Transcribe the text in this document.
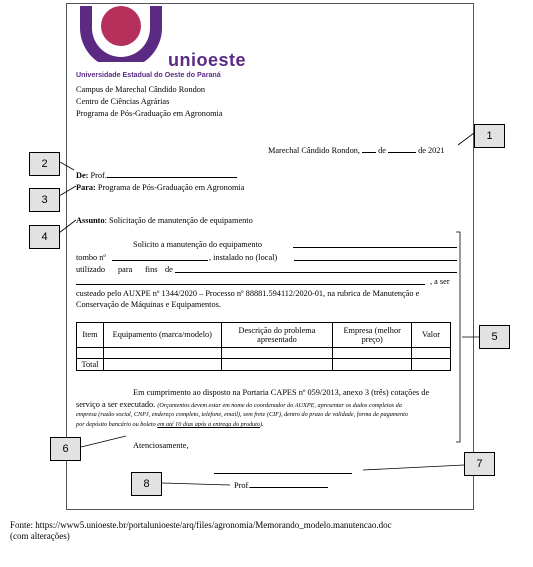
unioeste
Universidade Estadual do Oeste do Paraná
Campus de Marechal Cândido Rondon
Centro de Ciências Agrárias
Programa de Pós-Graduação em Agronomia
Marechal Cândido Rondon,  de	de 2021
De: Prof.
Para: Programa de Pós-Graduação em Agronomia
Assunto: Solicitação de manutenção de equipamento
Solicito a manutenção do equipamento
tombo nº	, instalado no (local)
utilizado para fins de
, a ser
custeado pelo AUXPE nº 1344/2020 – Processo nº 88881.594112/2020-01, na rubrica de Manutenção e
Conservação de Máquinas e Equipamentos.
Item	Equipamento (marca/modelo)	Descrição do problema apresentado	Empresa (melhor preço)	Valor

Total				
Em cumprimento ao disposto na Portaria CAPES nº 059/2013, anexo 3 (três) cotações de
serviço a ser executado. (Orçamentos devem estar em nome do coordenador do AUXPE, apresentar os dados completos da
empresa (razão social, CNPJ, endereço completo, telefone, email), sem frete (CIF), dentro do prazo de validade, forma de pagamento
por depósito bancário ou boleto em até 10 dias após a entrega do produto).
Atenciosamente,
Prof.
1
2
3
4
5
6
7
8
Fonte: https://www5.unioeste.br/portalunioeste/arq/files/agronomia/Memorando_modelo.manutencao.doc
(com alterações)
